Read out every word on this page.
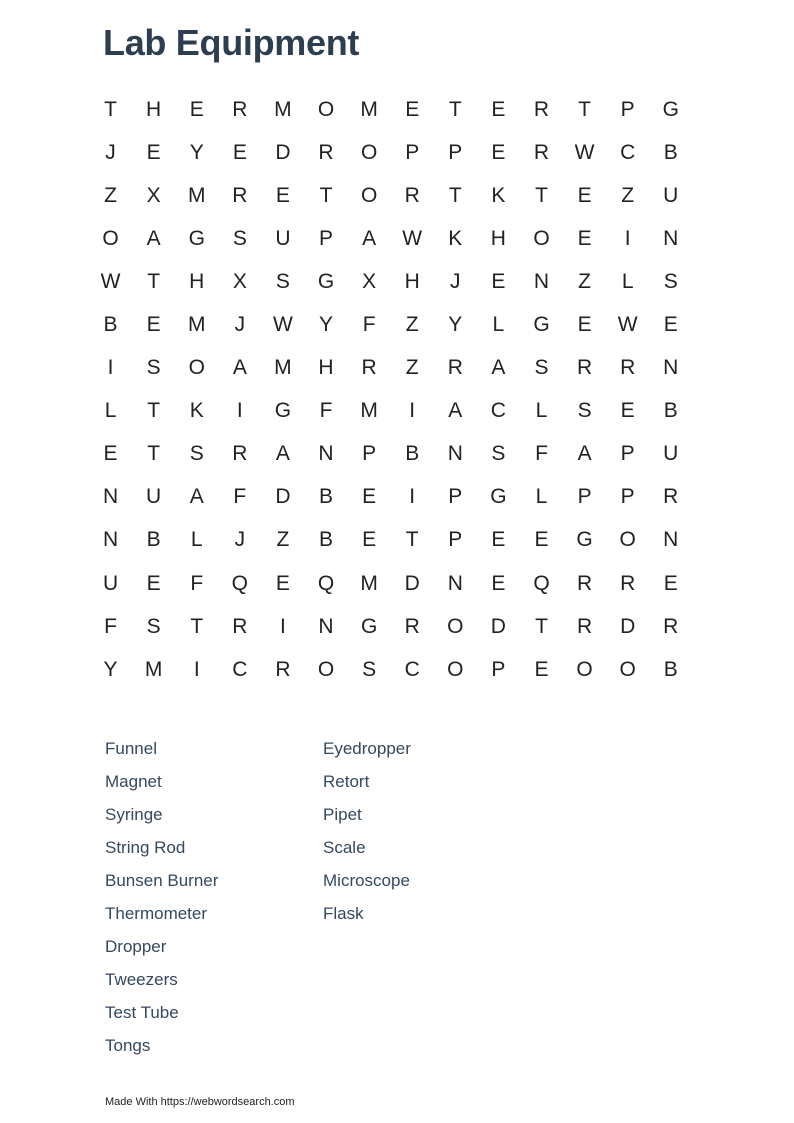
Lab Equipment
T	H	E	R	M	O	M	E	T	E	R	T	P	G
J	E	Y	E	D	R	O	P	P	E	R	W	C	B
Z	X	M	R	E	T	O	R	T	K	T	E	Z	U
O	A	G	S	U	P	A	W	K	H	O	E	I	N
W	T	H	X	S	G	X	H	J	E	N	Z	L	S
B	E	M	J	W	Y	F	Z	Y	L	G	E	W	E
I	S	O	A	M	H	R	Z	R	A	S	R	R	N
L	T	K	I	G	F	M	I	A	C	L	S	E	B
E	T	S	R	A	N	P	B	N	S	F	A	P	U
N	U	A	F	D	B	E	I	P	G	L	P	P	R
N	B	L	J	Z	B	E	T	P	E	E	G	O	N
U	E	F	Q	E	Q	M	D	N	E	Q	R	R	E
F	S	T	R	I	N	G	R	O	D	T	R	D	R
Y	M	I	C	R	O	S	C	O	P	E	O	O	B
Funnel
Magnet
Syringe
String Rod
Bunsen Burner
Thermometer
Dropper
Tweezers
Test Tube
Tongs
Eyedropper
Retort
Pipet
Scale
Microscope
Flask
Made With https://webwordsearch.com
